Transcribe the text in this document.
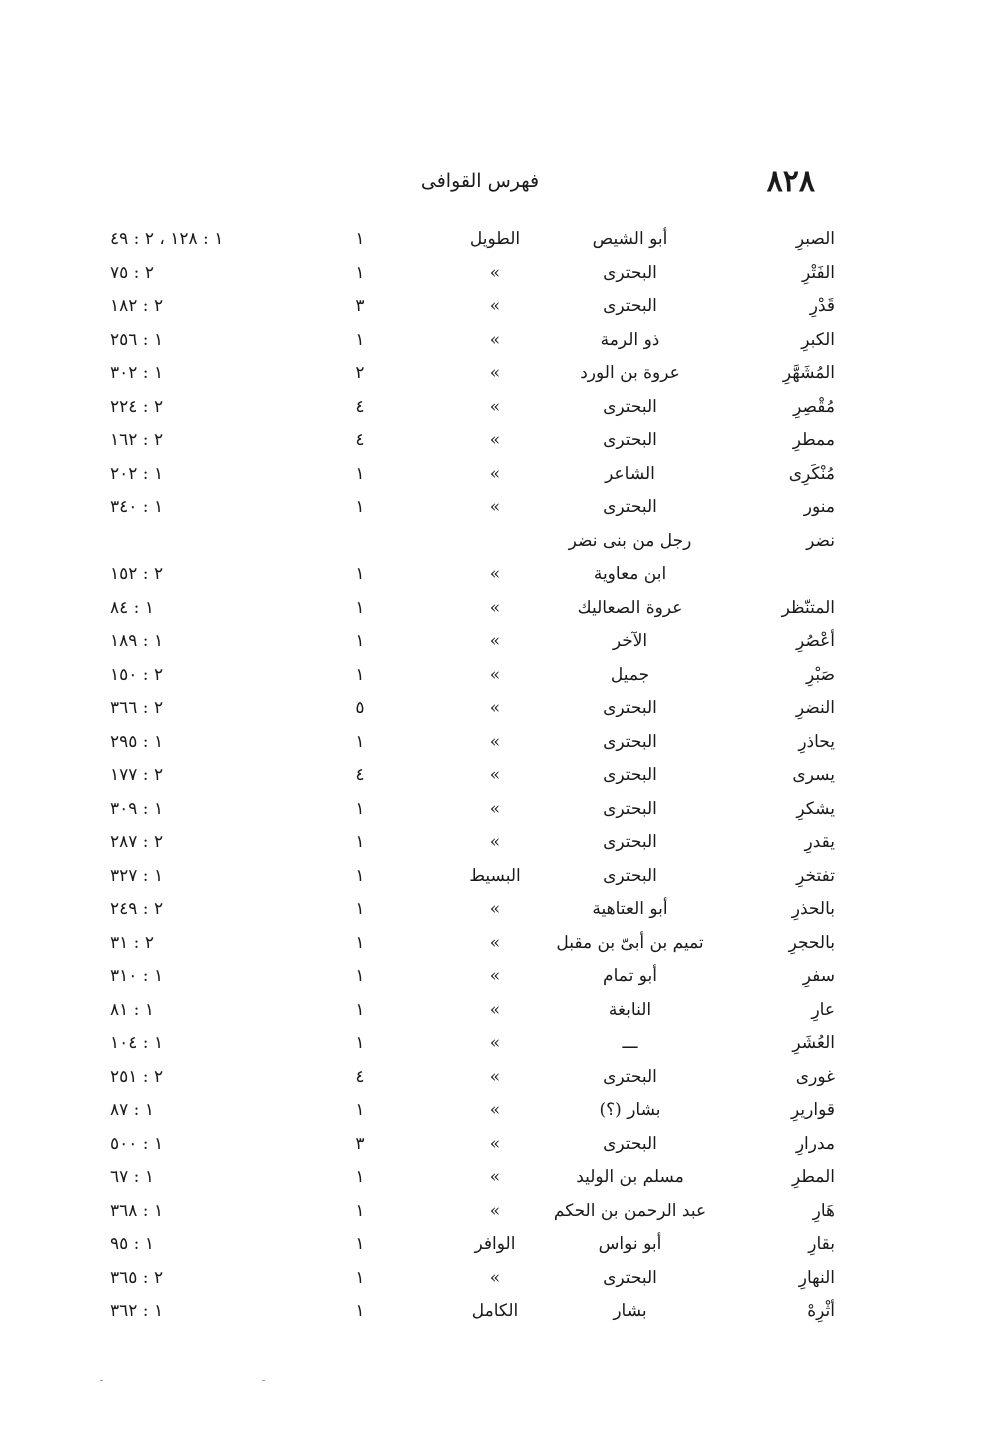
٨٢٨
فهرس القوافى
الصبرِ
أبو الشيص
الطويل
١
١ : ١٢٨ ، ٢ : ٤٩
الفَتْرِ
البحترى
»
١
٢ : ٧٥
قَدْرِ
البحترى
»
٣
٢ : ١٨٢
الكبرِ
ذو الرمة
»
١
١ : ٢٥٦
المُشَهَّرِ
عروة بن الورد
»
٢
١ : ٣٠٢
مُقْصِرِ
البحترى
»
٤
٢ : ٢٢٤
ممطرِ
البحترى
»
٤
٢ : ١٦٢
مُنْكَرِى
الشاعر
»
١
١ : ٢٠٢
منور
البحترى
»
١
١ : ٣٤٠
نضر
رجل من بنى نضر
ابن معاوية
»
١
٢ : ١٥٢
المتنّظر
عروة الصعاليك
»
١
١ : ٨٤
أعْصُرِ
الآخر
»
١
١ : ١٨٩
صَبْرِ
جميل
»
١
٢ : ١٥٠
النضرِ
البحترى
»
٥
٢ : ٣٦٦
يحاذرِ
البحترى
»
١
١ : ٢٩٥
يسرى
البحترى
»
٤
٢ : ١٧٧
يشكرِ
البحترى
»
١
١ : ٣٠٩
يقدرِ
البحترى
»
١
٢ : ٢٨٧
تفتخرِ
البحترى
البسيط
١
١ : ٣٢٧
بالحذرِ
أبو العتاهية
»
١
٢ : ٢٤٩
بالحجرِ
تميم بن أبىّ بن مقبل
»
١
٢ : ٣١
سفرِ
أبو تمام
»
١
١ : ٣١٠
عارِ
النابغة
»
١
١ : ٨١
العُشَرِ
ـــ
»
١
١ : ١٠٤
غورى
البحترى
»
٤
٢ : ٢٥١
قواريرِ
بشار (؟)
»
١
١ : ٨٧
مدرارِ
البحترى
»
٣
١ : ٥٠٠
المطرِ
مسلم بن الوليد
»
١
١ : ٦٧
هَارِ
عبد الرحمن بن الحكم
»
١
١ : ٣٦٨
بقارِ
أبو نواس
الوافر
١
١ : ٩٥
النهارِ
البحترى
»
١
٢ : ٣٦٥
أثْرِهْ
بشار
الكامل
١
١ : ٣٦٢
